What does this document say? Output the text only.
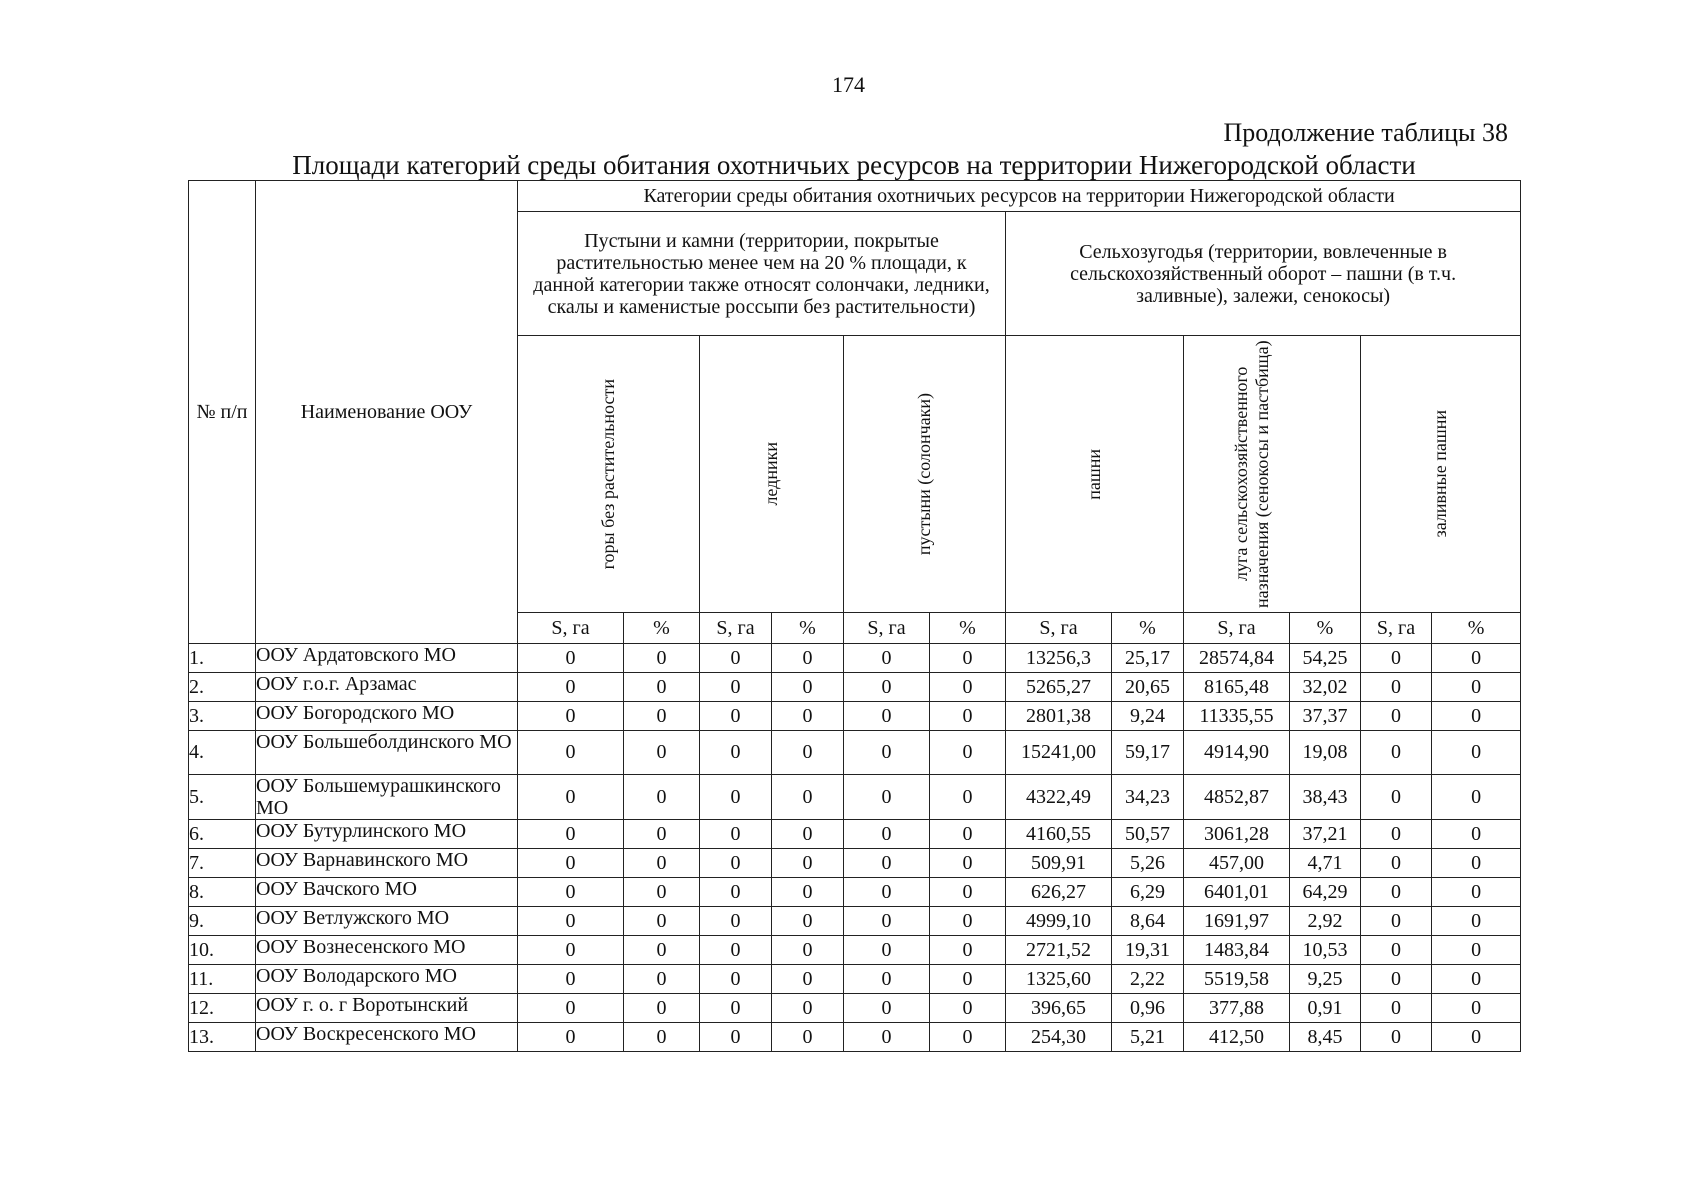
174
Продолжение таблицы 38
Площади категорий среды обитания охотничьих ресурсов на территории Нижегородской области
№ п/п	Наименование ООУ	Категории среды обитания охотничьих ресурсов на территории Нижегородской области											
		Пустыни и камни (территории, покрытые растительностью менее чем на 20 % площади, к данной категории также относят солончаки, ледники, скалы и каменистые россыпи без растительности)						Сельхозугодья (территории, вовлеченные в сельскохозяйственный оборот – пашни (в т.ч. заливные), залежи, сенокосы)					

		горы без растительности		ледники		пустыни (солончаки)		пашни		луга сельскохозяйственного назначения (сенокосы и пастбища)		заливные пашни	

		S, га	%	S, га	%	S, га	%	S, га	%	S, га	%	S, га	%
1.	ООУ Ардатовского МО	0	0	0	0	0	0	13256,3	25,17	28574,84	54,25	0	0
2.	ООУ г.о.г. Арзамас	0	0	0	0	0	0	5265,27	20,65	8165,48	32,02	0	0
3.	ООУ Богородского МО	0	0	0	0	0	0	2801,38	9,24	11335,55	37,37	0	0
4.	ООУ Большеболдинского МО	0	0	0	0	0	0	15241,00	59,17	4914,90	19,08	0	0
5.	ООУ Большемурашкинского МО	0	0	0	0	0	0	4322,49	34,23	4852,87	38,43	0	0
6.	ООУ Бутурлинского МО	0	0	0	0	0	0	4160,55	50,57	3061,28	37,21	0	0
7.	ООУ Варнавинского МО	0	0	0	0	0	0	509,91	5,26	457,00	4,71	0	0
8.	ООУ Вачского МО	0	0	0	0	0	0	626,27	6,29	6401,01	64,29	0	0
9.	ООУ Ветлужского МО	0	0	0	0	0	0	4999,10	8,64	1691,97	2,92	0	0
10.	ООУ Вознесенского МО	0	0	0	0	0	0	2721,52	19,31	1483,84	10,53	0	0
11.	ООУ Володарского МО	0	0	0	0	0	0	1325,60	2,22	5519,58	9,25	0	0
12.	ООУ г. о. г Воротынский	0	0	0	0	0	0	396,65	0,96	377,88	0,91	0	0
13.	ООУ Воскресенского МО	0	0	0	0	0	0	254,30	5,21	412,50	8,45	0	0
